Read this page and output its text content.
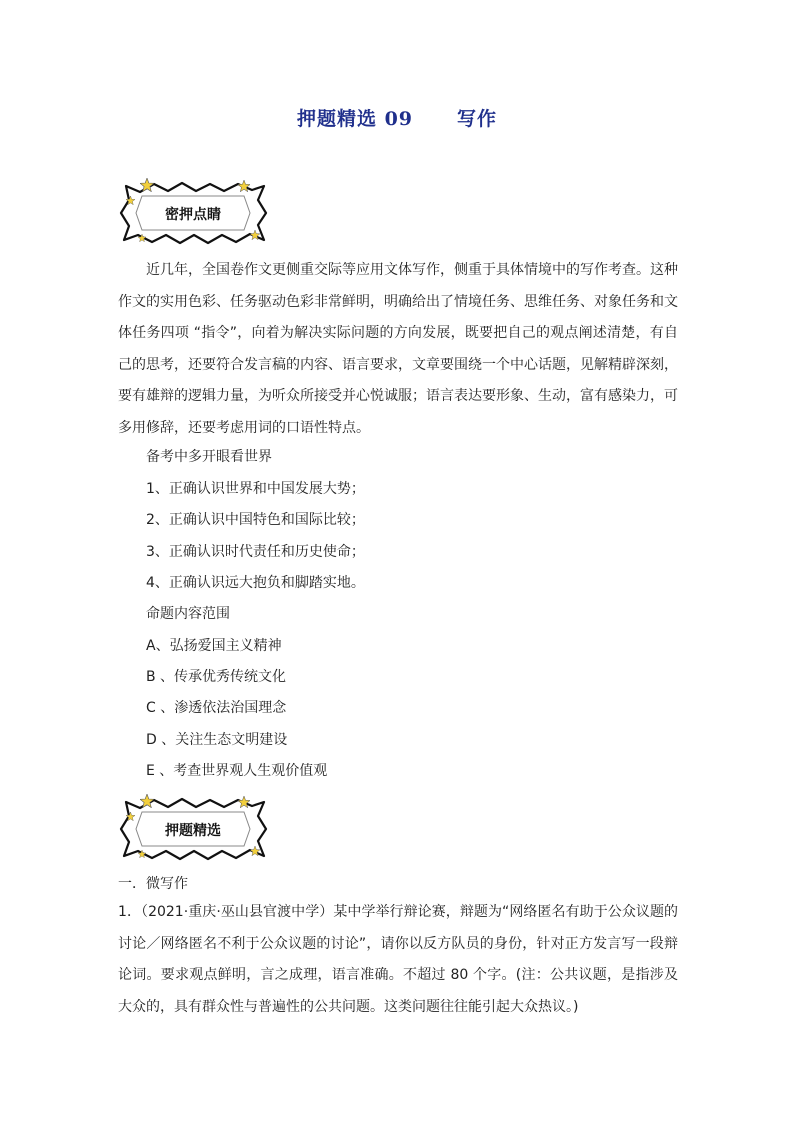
押题精选 09 写作
密押点睛

近几年，全国卷作文更侧重交际等应用文体写作，侧重于具体情境中的写作考查。这种作文的实用色彩、任务驱动色彩非常鲜明，明确给出了情境任务、思维任务、对象任务和文体任务四项 “指令”，向着为解决实际问题的方向发展，既要把自己的观点阐述清楚，有自己的思考，还要符合发言稿的内容、语言要求，文章要围绕一个中心话题，见解精辟深刻，要有雄辩的逻辑力量，为听众所接受并心悦诚服；语言表达要形象、生动，富有感染力，可多用修辞，还要考虑用词的口语性特点。

备考中多开眼看世界
1、正确认识世界和中国发展大势；
2、正确认识中国特色和国际比较；
3、正确认识时代责任和历史使命；
4、正确认识远大抱负和脚踏实地。
命题内容范围
A、弘扬爱国主义精神
B 、传承优秀传统文化
C 、渗透依法治国理念
D 、关注生态文明建设
E 、考查世界观人生观价值观
押题精选
一．微写作

1．（2021·重庆·巫山县官渡中学）某中学举行辩论赛，辩题为“网络匿名有助于公众议题的讨论／网络匿名不利于公众议题的讨论”，请你以反方队员的身份，针对正方发言写一段辩论词。要求观点鲜明，言之成理，语言准确。不超过 80 个字。(注：公共议题，是指涉及大众的，具有群众性与普遍性的公共问题。这类问题往往能引起大众热议。)
